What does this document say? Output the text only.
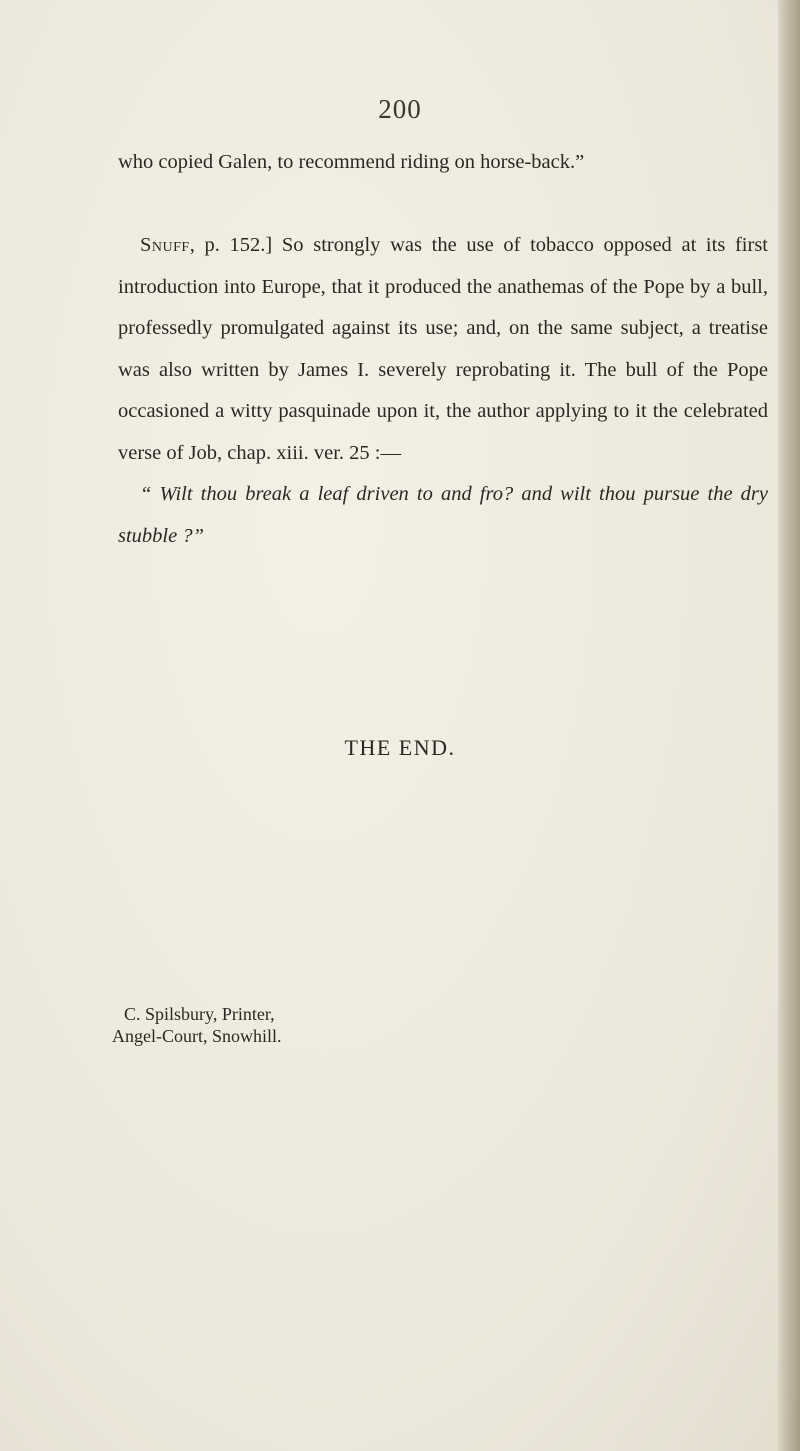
200

who copied Galen, to recommend riding on horse-back.”

Snuff, p. 152.] So strongly was the use of tobacco opposed at its first introduction into Europe, that it produced the anathemas of the Pope by a bull, professedly promulgated against its use; and, on the same subject, a treatise was also written by James I. severely reprobating it. The bull of the Pope occasioned a witty pasquinade upon it, the author applying to it the celebrated verse of Job, chap. xiii. ver. 25 :—

“ Wilt thou break a leaf driven to and fro? and wilt thou pursue the dry stubble ?”

THE END.
C. Spilsbury, Printer,
Angel-Court, Snowhill.
